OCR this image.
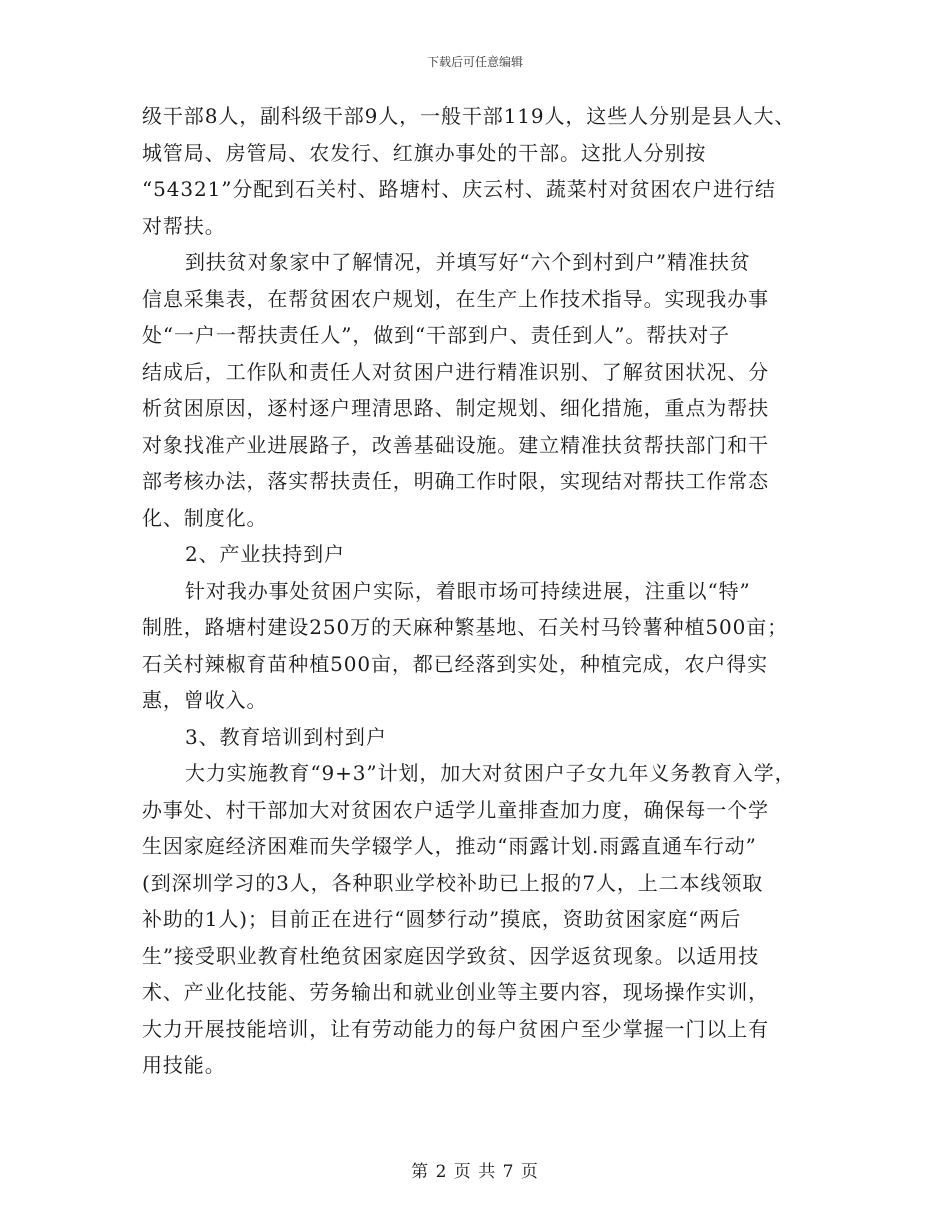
下载后可任意编辑
级干部8人，副科级干部9人，一般干部119人，这些人分别是县人大、
城管局、房管局、农发行、红旗办事处的干部。这批人分别按
“54321”分配到石关村、路塘村、庆云村、蔬菜村对贫困农户进行结
对帮扶。
到扶贫对象家中了解情况，并填写好“六个到村到户”精准扶贫
信息采集表，在帮贫困农户规划，在生产上作技术指导。实现我办事
处“一户一帮扶责任人”，做到“干部到户、责任到人”。帮扶对子
结成后，工作队和责任人对贫困户进行精准识别、了解贫困状况、分
析贫困原因，逐村逐户理清思路、制定规划、细化措施，重点为帮扶
对象找准产业进展路子，改善基础设施。建立精准扶贫帮扶部门和干
部考核办法，落实帮扶责任，明确工作时限，实现结对帮扶工作常态
化、制度化。
2、产业扶持到户
针对我办事处贫困户实际，着眼市场可持续进展，注重以“特”
制胜，路塘村建设250万的天麻种繁基地、石关村马铃薯种植500亩；
石关村辣椒育苗种植500亩，都已经落到实处，种植完成，农户得实
惠，曾收入。
3、教育培训到村到户
大力实施教育“9+3”计划，加大对贫困户子女九年义务教育入学，
办事处、村干部加大对贫困农户适学儿童排查加力度，确保每一个学
生因家庭经济困难而失学辍学人，推动“雨露计划.雨露直通车行动”
(到深圳学习的3人，各种职业学校补助已上报的7人，上二本线领取
补助的1人)；目前正在进行“圆梦行动”摸底，资助贫困家庭“两后
生”接受职业教育杜绝贫困家庭因学致贫、因学返贫现象。以适用技
术、产业化技能、劳务输出和就业创业等主要内容，现场操作实训，
大力开展技能培训，让有劳动能力的每户贫困户至少掌握一门以上有
用技能。
第 2 页 共 7 页
